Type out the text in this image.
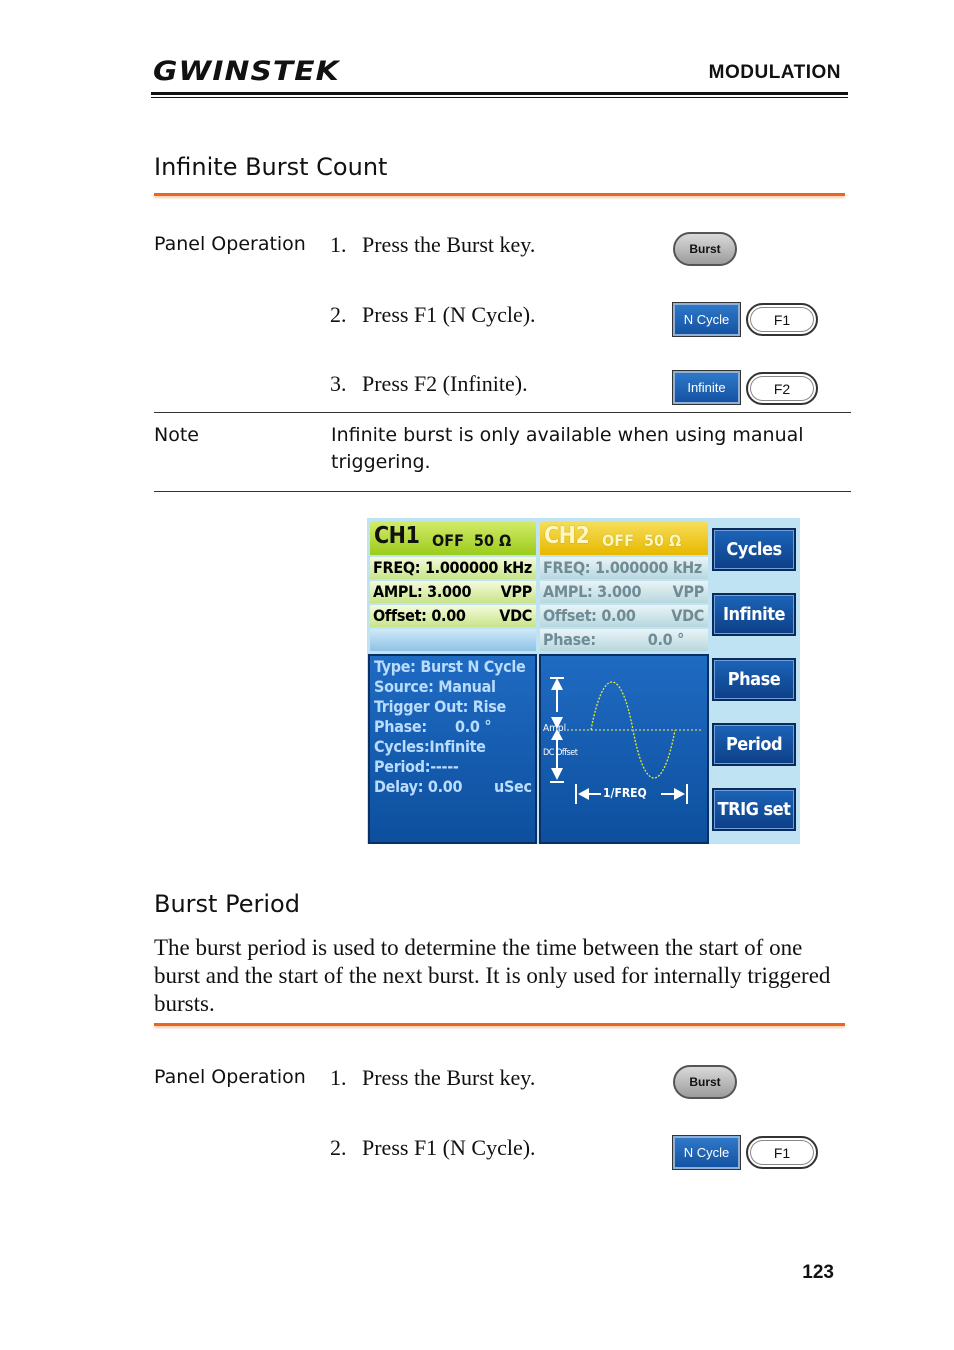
GWINSTEK	MODULATION
Infinite Burst Count
Panel Operation 1. Press the Burst key.	Burst
2. Press F1 (N Cycle).	N Cycle	F1
3. Press F2 (Infinite).	Infinite	F2
Note	Infinite burst is only available when using manual triggering.
CH1 OFF 50 Ω CH2 OFF 50 Ω
FREQ: 1.000000 kHz
AMPL: 3.000 VPP
Offset: 0.00 VDC
FREQ: 1.000000 kHz
AMPL: 3.000 VPP
Offset: 0.00 VDC
Phase:	0.0 °
Type: Burst N Cycle
Source: Manual
Trigger Out: Rise
Phase:      0.0 °
Cycles:Infinite
Period:-----
Delay: 0.00 uSec
Ampl
DC Offset
1/FREQ
Cycles
Infinite
Phase
Period
TRIG set
Burst Period
The burst period is used to determine the time between the start of one burst and the start of the next burst. It is only used for internally triggered bursts.
Panel Operation 1. Press the Burst key.	Burst
2. Press F1 (N Cycle).	N Cycle	F1
123
